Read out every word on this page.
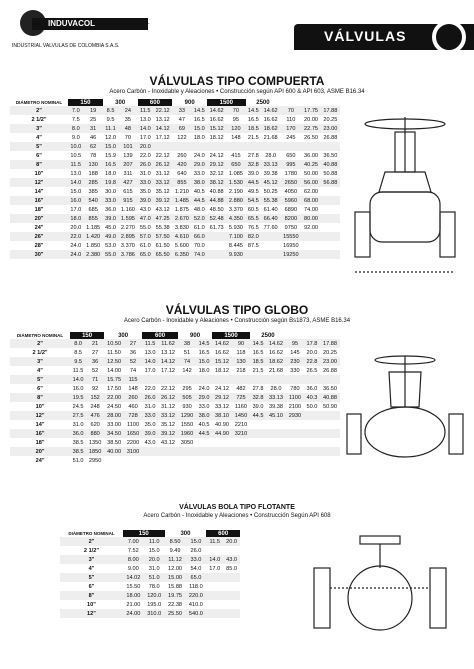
INDUVACOL	S.A.S.
INDUSTRIAL VALVULAS DE COLOMBIA S.A.S.
VÁLVULAS
VÁLVULAS TIPO COMPUERTA
Acero Carbón - Inoxidable y Aleaciones • Construcción según API 600 & API 603, ASME B16.34
DIÁMETRO NOMINAL	150		300		600		900		1500		2500				
2"	7.0	19	8.5	24	11.5	22.12	33	14.5	14.62	70	14.5	14.62	70	17.75	17.88
2 1/2"	7.5	25	9.5	35	13.0	13.12	47	16.5	16.62	95	16.5	16.62	110	20.00	20.25
3"	8.0	31	11.1	48	14.0	14.12	69	15.0	15.12	120	18.5	18.62	170	22.75	23.00
4"	9.0	46	12.0	70	17.0	17.12	122	18.0	18.12	148	21.5	21.68	245	26.50	26.88
5"	10.0	62	15.0	101	20.0										
6"	10.5	78	15.9	139	22.0	22.12	260	24.0	24.12	415	27.8	28.0	650	36.00	36.50
8"	11.5	130	16.5	207	26.0	26.12	420	29.0	29.12	650	32.8	33.13	995	40.25	40.88
10"	13.0	188	18.0	311	31.0	31.12	640	33.0	32.12	1.085	39.0	39.38	1780	50.00	50.88
12"	14.0	285	19.8	427	33.0	33.12	855	38.0	38.12	1.530	44.5	45.12	2650	56.00	56.88
14"	15.0	385	30.0	615	35.0	35.12	1.210	40.5	40.88	2.190	49.5	50.25	4050	62.00	
16"	16.0	540	33.0	915	39.0	39.12	1.485	44.5	44.88	2.880	54.5	55.38	5960	68.00	
18"	17.0	685	36.0	1.160	43.0	43.12	1.875	48.0	48.50	3.370	60.5	61.40	6890	74.00	
20"	18.0	855	39.0	1.595	47.0	47.25	2.670	52.0	52.48	4.350	65.5	66.40	8200	80.00	
24"	20.0	1.185	45.0	2.270	55.0	55.38	3.830	61.0	61.73	5.930	76.5	77.60	9750	92.00	
26"	22.0	1.420	49.0	2.895	57.0	57.50	4.610	66.0		7.100	82.0		15550		
28"	24.0	1.850	53.0	3.370	61.0	61.50	5.600	70.0		8.445	87.5		16950		
30"	24.0	2.380	55.0	3.786	65.0	65.50	6.350	74.0		9.930			19250		
VÁLVULAS TIPO GLOBO
Acero Carbón - Inoxidable y Aleaciones • Construcción según Bs1873, ASME B16.34
DIÁMETRO NOMINAL	150		300		600		900		1500		2500				
2"	8.0	21	10.50	27	11.5	11.62	38	14.5	14.62	90	14.5	14.62	95	17.8	17.88
2 1/2"	8.5	27	11.50	36	13.0	13.12	51	16.5	16.62	118	16.5	16.62	145	20.0	20.25
3"	9.5	36	12.50	52	14.0	14.12	74	15.0	15.12	130	18.5	18.62	230	22.8	23.00
4"	11.5	52	14.00	74	17.0	17.12	142	18.0	18.12	218	21.5	21.68	330	26.5	26.88
5"	14.0	71	15.75	115											
6"	16.0	92	17.50	148	22.0	22.12	295	24.0	24.12	482	27.8	28.0	780	36.0	36.50
8"	19.5	152	22.00	260	26.0	26.12	505	29.0	29.12	725	32.8	33.13	1100	40.3	40.88
10"	24.5	248	24.50	460	31.0	31.12	930	33.0	33.12	1160	39.0	39.38	2100	50.0	50.90
12"	27.5	476	28.00	728	33.0	33.12	1290	38.0	38.10	1450	44.5	45.10	2930		
14"	31.0	620	33.00	1100	35.0	35.12	1550	40.5	40.90	2210					
16"	36.0	880	34.50	1650	39.0	39.12	1960	44.5	44.90	3210					
18"	38.5	1350	38.50	2200	43.0	43.12	3050								
20"	38.5	1850	40.00	3100											
24"	51.0	2950													
VÁLVULAS BOLA TIPO FLOTANTE
Acero Carbón - Inoxidable y Aleaciones • Construcción Según API 608
DIÁMETRO NOMINAL	150		300		600	
2"	7.00	11.0	8.50	15.0	11.5	20.0
2 1/2"	7.52	15.0	9.49	26.0		
3"	8.00	20.0	11.12	33.0	14.0	43.0
4"	9.00	31.0	12.00	54.0	17.0	85.0
5"	14.02	51.0	15.00	65.0		
6"	15.50	78.0	15.88	118.0		
8"	18.00	120.0	19.75	220.0		
10"	21.00	195.0	22.38	410.0		
12"	24.00	310.0	25.50	540.0		
